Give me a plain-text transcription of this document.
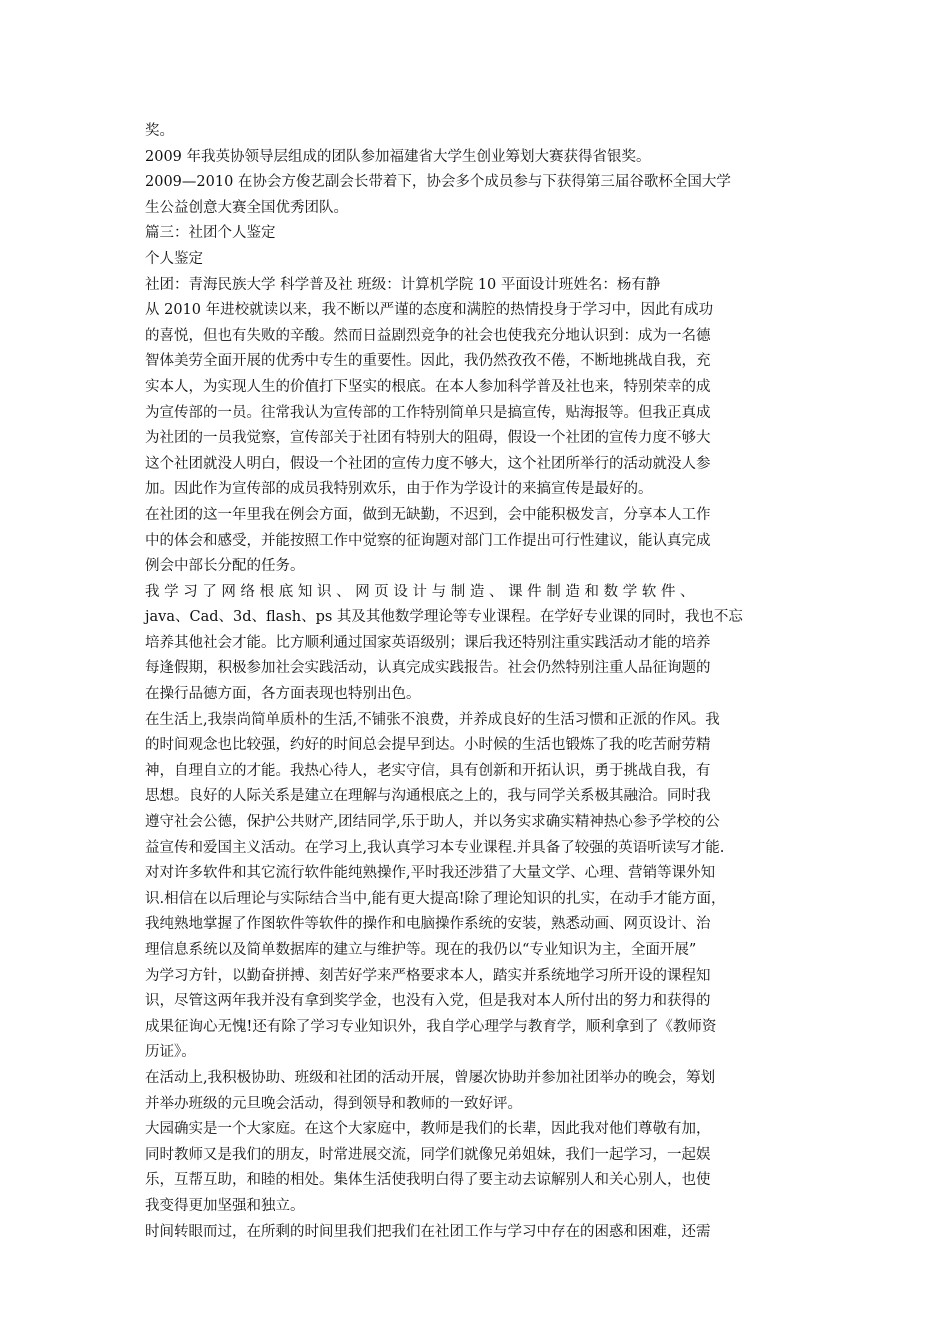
奖。
2009 年我英协领导层组成的团队参加福建省大学生创业筹划大赛获得省银奖。
2009—2010 在协会方俊艺副会长带着下，协会多个成员参与下获得第三届谷歌杯全国大学
生公益创意大赛全国优秀团队。
篇三：社团个人鉴定
个人鉴定
社团：青海民族大学 科学普及社 班级：计算机学院 10 平面设计班姓名：杨有静
从 2010 年进校就读以来，我不断以严谨的态度和满腔的热情投身于学习中，因此有成功
的喜悦，但也有失败的辛酸。然而日益剧烈竞争的社会也使我充分地认识到：成为一名德
智体美劳全面开展的优秀中专生的重要性。因此，我仍然孜孜不倦，不断地挑战自我，充
实本人，为实现人生的价值打下坚实的根底。在本人参加科学普及社也来，特别荣幸的成
为宣传部的一员。往常我认为宣传部的工作特别简单只是搞宣传，贴海报等。但我正真成
为社团的一员我觉察，宣传部关于社团有特别大的阻碍，假设一个社团的宣传力度不够大
这个社团就没人明白，假设一个社团的宣传力度不够大，这个社团所举行的活动就没人参
加。因此作为宣传部的成员我特别欢乐，由于作为学设计的来搞宣传是最好的。
在社团的这一年里我在例会方面，做到无缺勤，不迟到，会中能积极发言，分享本人工作
中的体会和感受，并能按照工作中觉察的征询题对部门工作提出可行性建议，能认真完成
例会中部长分配的任务。
我 学 习 了 网 络 根 底 知 识 、 网 页 设 计 与 制 造 、 课 件 制 造 和 数 学 软 件 、
java、Cad、3d、flash、ps 其及其他数学理论等专业课程。在学好专业课的同时，我也不忘
培养其他社会才能。比方顺利通过国家英语级别；课后我还特别注重实践活动才能的培养
每逢假期，积极参加社会实践活动，认真完成实践报告。社会仍然特别注重人品征询题的
在操行品德方面，各方面表现也特别出色。
在生活上,我崇尚简单质朴的生活,不铺张不浪费，并养成良好的生活习惯和正派的作风。我
的时间观念也比较强，约好的时间总会提早到达。小时候的生活也锻炼了我的吃苦耐劳精
神，自理自立的才能。我热心待人，老实守信，具有创新和开拓认识，勇于挑战自我，有
思想。良好的人际关系是建立在理解与沟通根底之上的，我与同学关系极其融洽。同时我
遵守社会公德，保护公共财产,团结同学,乐于助人，并以务实求确实精神热心参予学校的公
益宣传和爱国主义活动。在学习上,我认真学习本专业课程.并具备了较强的英语听读写才能.
对对许多软件和其它流行软件能纯熟操作,平时我还涉猎了大量文学、心理、营销等课外知
识.相信在以后理论与实际结合当中,能有更大提高!除了理论知识的扎实，在动手才能方面，
我纯熟地掌握了作图软件等软件的操作和电脑操作系统的安装，熟悉动画、网页设计、治
理信息系统以及简单数据库的建立与维护等。现在的我仍以“专业知识为主，全面开展”
为学习方针，以勤奋拼搏、刻苦好学来严格要求本人，踏实并系统地学习所开设的课程知
识，尽管这两年我并没有拿到奖学金，也没有入党，但是我对本人所付出的努力和获得的
成果征询心无愧!还有除了学习专业知识外，我自学心理学与教育学，顺利拿到了《教师资
历证》。
在活动上,我积极协助、班级和社团的活动开展，曾屡次协助并参加社团举办的晚会，筹划
并举办班级的元旦晚会活动，得到领导和教师的一致好评。
大园确实是一个大家庭。在这个大家庭中，教师是我们的长辈，因此我对他们尊敬有加，
同时教师又是我们的朋友，时常进展交流，同学们就像兄弟姐妹，我们一起学习，一起娱
乐，互帮互助，和睦的相处。集体生活使我明白得了要主动去谅解别人和关心别人，也使
我变得更加坚强和独立。
时间转眼而过，在所剩的时间里我们把我们在社团工作与学习中存在的困惑和困难，还需
